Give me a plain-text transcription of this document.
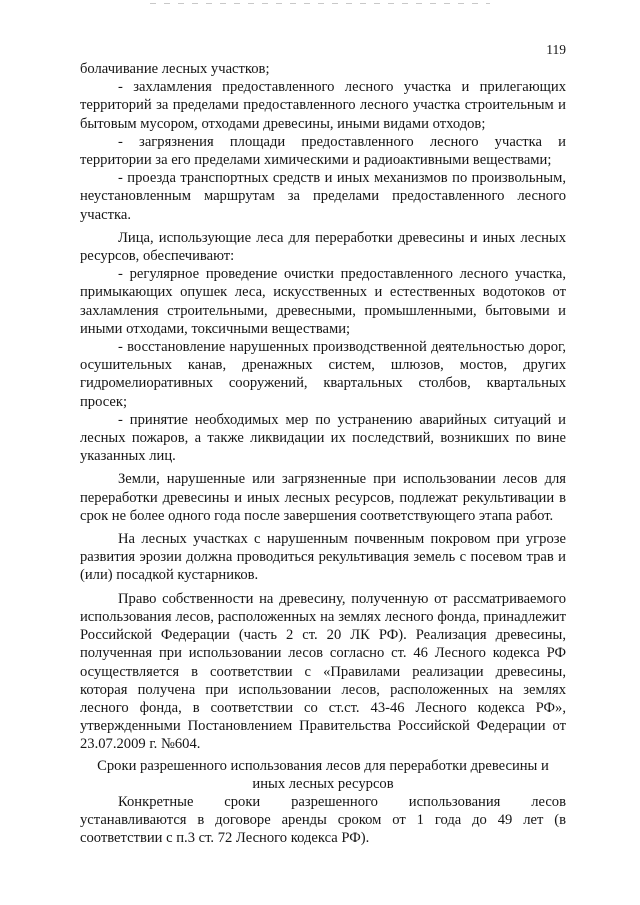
119

болачивание лесных участков;

- захламления предоставленного лесного участка и прилегающих территорий за пределами предоставленного лесного участка строительным и бытовым мусором, отходами древесины, иными видами отходов;

- загрязнения площади предоставленного лесного участка и территории за его пределами химическими и радиоактивными веществами;

- проезда транспортных средств и иных механизмов по произвольным, неустановленным маршрутам за пределами предоставленного лесного участка.

Лица, использующие леса для переработки древесины и иных лесных ресурсов, обеспечивают:

- регулярное проведение очистки предоставленного лесного участка, примыкающих опушек леса, искусственных и естественных водотоков от захламления строительными, древесными, промышленными, бытовыми и иными отходами, токсичными веществами;

- восстановление нарушенных производственной деятельностью дорог, осушительных канав, дренажных систем, шлюзов, мостов, других гидромелиоративных сооружений, квартальных столбов, квартальных просек;

- принятие необходимых мер по устранению аварийных ситуаций и лесных пожаров, а также ликвидации их последствий, возникших по вине указанных лиц.

Земли, нарушенные или загрязненные при использовании лесов для переработки древесины и иных лесных ресурсов, подлежат рекультивации в срок не более одного года после завершения соответствующего этапа работ.

На лесных участках с нарушенным почвенным покровом при угрозе развития эрозии должна проводиться рекультивация земель с посевом трав и (или) посадкой кустарников.

Право собственности на древесину, полученную от рассматриваемого использования лесов, расположенных на землях лесного фонда, принадлежит Российской Федерации (часть 2 ст. 20 ЛК РФ). Реализация древесины, полученная при использовании лесов согласно ст. 46 Лесного кодекса РФ осуществляется в соответствии с «Правилами реализации древесины, которая получена при использовании лесов, расположенных на землях лесного фонда, в соответствии со ст.ст. 43-46 Лесного кодекса РФ», утвержденными Постановлением Правительства Российской Федерации от 23.07.2009 г. №604.

Сроки разрешенного использования лесов для переработки древесины и иных лесных ресурсов

Конкретные сроки разрешенного использования лесов устанавливаются в договоре аренды сроком от 1 года до 49 лет (в соответствии с п.3 ст. 72 Лесного кодекса РФ).
